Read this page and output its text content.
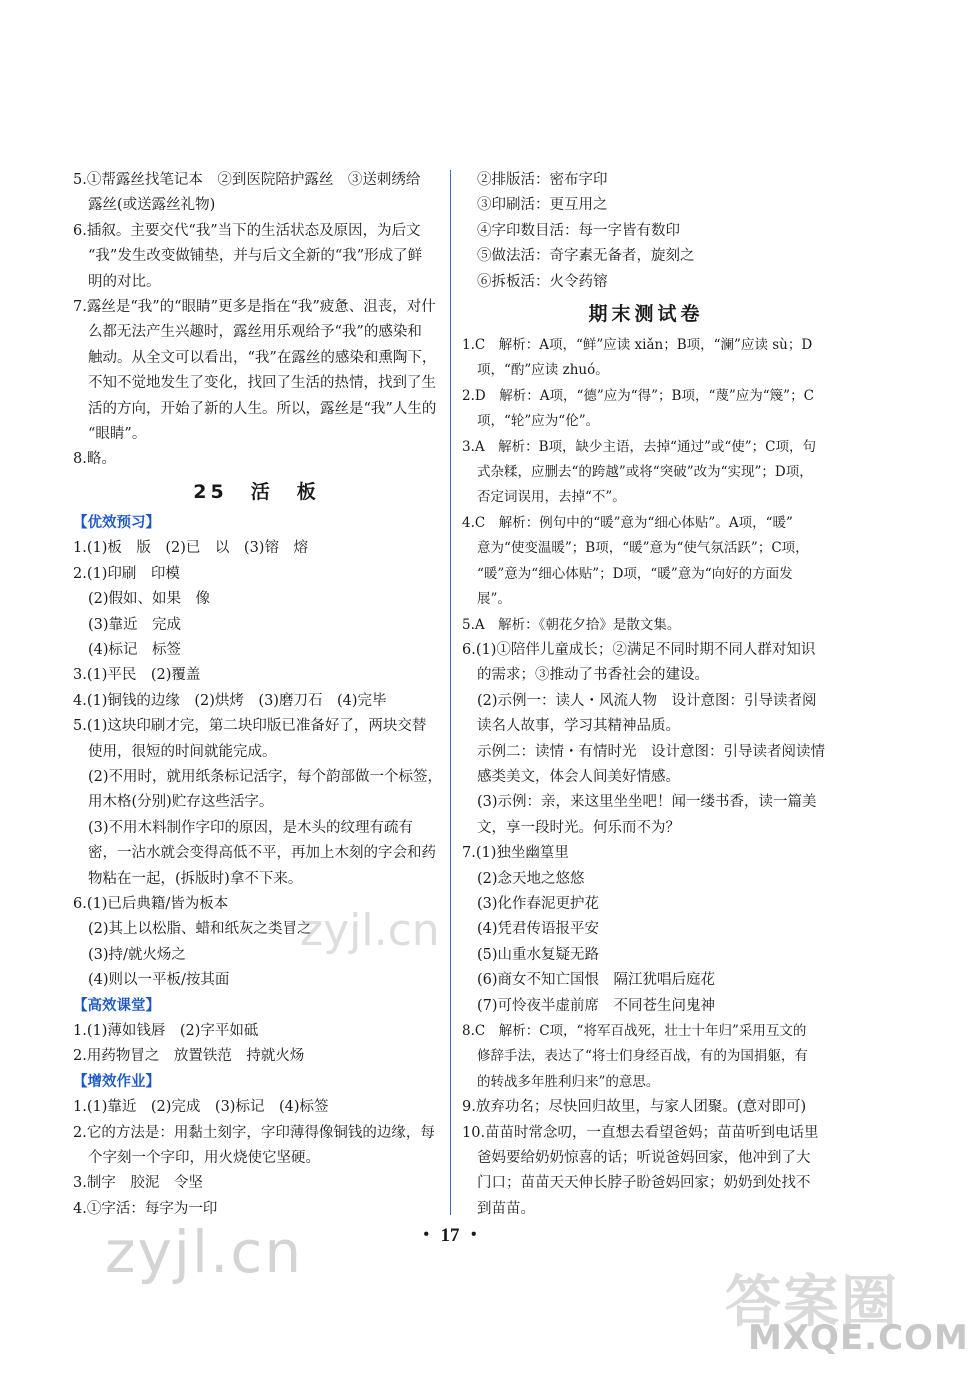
5.①帮露丝找笔记本　②到医院陪护露丝　③送刺绣给
露丝(或送露丝礼物)
6.插叙。主要交代“我”当下的生活状态及原因，为后文
“我”发生改变做铺垫，并与后文全新的“我”形成了鲜
明的对比。
7.露丝是“我”的“眼睛”更多是指在“我”疲惫、沮丧，对什
么都无法产生兴趣时，露丝用乐观给予“我”的感染和
触动。从全文可以看出，“我”在露丝的感染和熏陶下，
不知不觉地发生了变化，找回了生活的热情，找到了生
活的方向，开始了新的人生。所以，露丝是“我”人生的
“眼睛”。
8.略。
25　活　板
【优效预习】
1.(1)板　版　(2)已　以　(3)镕　熔
2.(1)印刷　印模
(2)假如、如果　像
(3)靠近　完成
(4)标记　标签
3.(1)平民　(2)覆盖
4.(1)铜钱的边缘　(2)烘烤　(3)磨刀石　(4)完毕
5.(1)这块印刷才完，第二块印版已准备好了，两块交替
使用，很短的时间就能完成。
(2)不用时，就用纸条标记活字，每个韵部做一个标签，
用木格(分别)贮存这些活字。
(3)不用木料制作字印的原因，是木头的纹理有疏有
密，一沾水就会变得高低不平，再加上木刻的字会和药
物粘在一起，(拆版时)拿不下来。
6.(1)已后典籍/皆为板本
(2)其上以松脂、蜡和纸灰之类冒之
(3)持/就火炀之
(4)则以一平板/按其面
【高效课堂】
1.(1)薄如钱唇　(2)字平如砥
2.用药物冒之　放置铁范　持就火炀
【增效作业】
1.(1)靠近　(2)完成　(3)标记　(4)标签
2.它的方法是：用黏土刻字，字印薄得像铜钱的边缘，每
个字刻一个字印，用火烧使它坚硬。
3.制字　胶泥　令坚
4.①字活：每字为一印
②排版活：密布字印
③印刷活：更互用之
④字印数目活：每一字皆有数印
⑤做法活：奇字素无备者，旋刻之
⑥拆板活：火令药镕
期末测试卷
1.C　解析：A项，“鲜”应读 xiǎn；B项，“澜”应读 sù；D
项，“酌”应读 zhuó。
2.D　解析：A项，“德”应为“得”；B项，“蔑”应为“篾”；C
项，“轮”应为“伦”。
3.A　解析：B项，缺少主语，去掉“通过”或“使”；C项，句
式杂糅，应删去“的跨越”或将“突破”改为“实现”；D项，
否定词误用，去掉“不”。
4.C　解析：例句中的“暖”意为“细心体贴”。A项，“暖”
意为“使变温暖”；B项，“暖”意为“使气氛活跃”；C项，
“暖”意为“细心体贴”；D项，“暖”意为“向好的方面发
展”。
5.A　解析：《朝花夕拾》是散文集。
6.(1)①陪伴儿童成长；②满足不同时期不同人群对知识
的需求；③推动了书香社会的建设。
(2)示例一：读人・风流人物　设计意图：引导读者阅
读名人故事，学习其精神品质。
示例二：读情・有情时光　设计意图：引导读者阅读情
感类美文，体会人间美好情感。
(3)示例：亲，来这里坐坐吧！闻一缕书香，读一篇美
文，享一段时光。何乐而不为？
7.(1)独坐幽篁里
(2)念天地之悠悠
(3)化作春泥更护花
(4)凭君传语报平安
(5)山重水复疑无路
(6)商女不知亡国恨　隔江犹唱后庭花
(7)可怜夜半虚前席　不同苍生问鬼神
8.C　解析：C项，“将军百战死，壮士十年归”采用互文的
修辞手法，表达了“将士们身经百战，有的为国捐躯，有
的转战多年胜利归来”的意思。
9.放弃功名；尽快回归故里，与家人团聚。(意对即可)
10.苗苗时常念叨，一直想去看望爸妈；苗苗听到电话里
爸妈要给奶奶惊喜的话；听说爸妈回家，他冲到了大
门口；苗苗天天伸长脖子盼爸妈回家；奶奶到处找不
到苗苗。
・ 17 ・
zyjl.cn
zyjl.cn
答案圈
MXQE.COM
